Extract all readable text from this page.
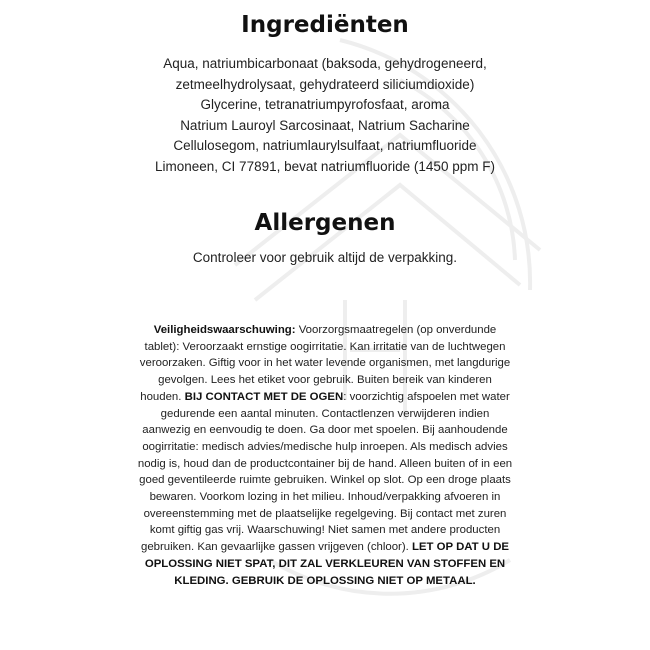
Ingrediënten
Aqua, natriumbicarbonaat (baksoda, gehydrogeneerd,
zetmeelhydrolysaat, gehydrateerd siliciumdioxide)
Glycerine, tetranatriumpyrofosfaat, aroma
Natrium Lauroyl Sarcosinaat, Natrium Sacharine
Cellulosegom, natriumlaurylsulfaat, natriumfluoride
Limoneen, CI 77891, bevat natriumfluoride (1450 ppm F)
Allergenen
Controleer voor gebruik altijd de verpakking.
Veiligheidswaarschuwing: Voorzorgsmaatregelen (op onverdunde tablet): Veroorzaakt ernstige oogirritatie. Kan irritatie van de luchtwegen veroorzaken. Giftig voor in het water levende organismen, met langdurige gevolgen. Lees het etiket voor gebruik. Buiten bereik van kinderen houden. BIJ CONTACT MET DE OGEN: voorzichtig afspoelen met water gedurende een aantal minuten. Contactlenzen verwijderen indien aanwezig en eenvoudig te doen. Ga door met spoelen. Bij aanhoudende oogirritatie: medisch advies/medische hulp inroepen. Als medisch advies nodig is, houd dan de productcontainer bij de hand. Alleen buiten of in een goed geventileerde ruimte gebruiken. Winkel op slot. Op een droge plaats bewaren. Voorkom lozing in het milieu. Inhoud/verpakking afvoeren in overeenstemming met de plaatselijke regelgeving. Bij contact met zuren komt giftig gas vrij. Waarschuwing! Niet samen met andere producten gebruiken. Kan gevaarlijke gassen vrijgeven (chloor). LET OP DAT U DE OPLOSSING NIET SPAT, DIT ZAL VERKLEUREN VAN STOFFEN EN KLEDING. GEBRUIK DE OPLOSSING NIET OP METAAL.
